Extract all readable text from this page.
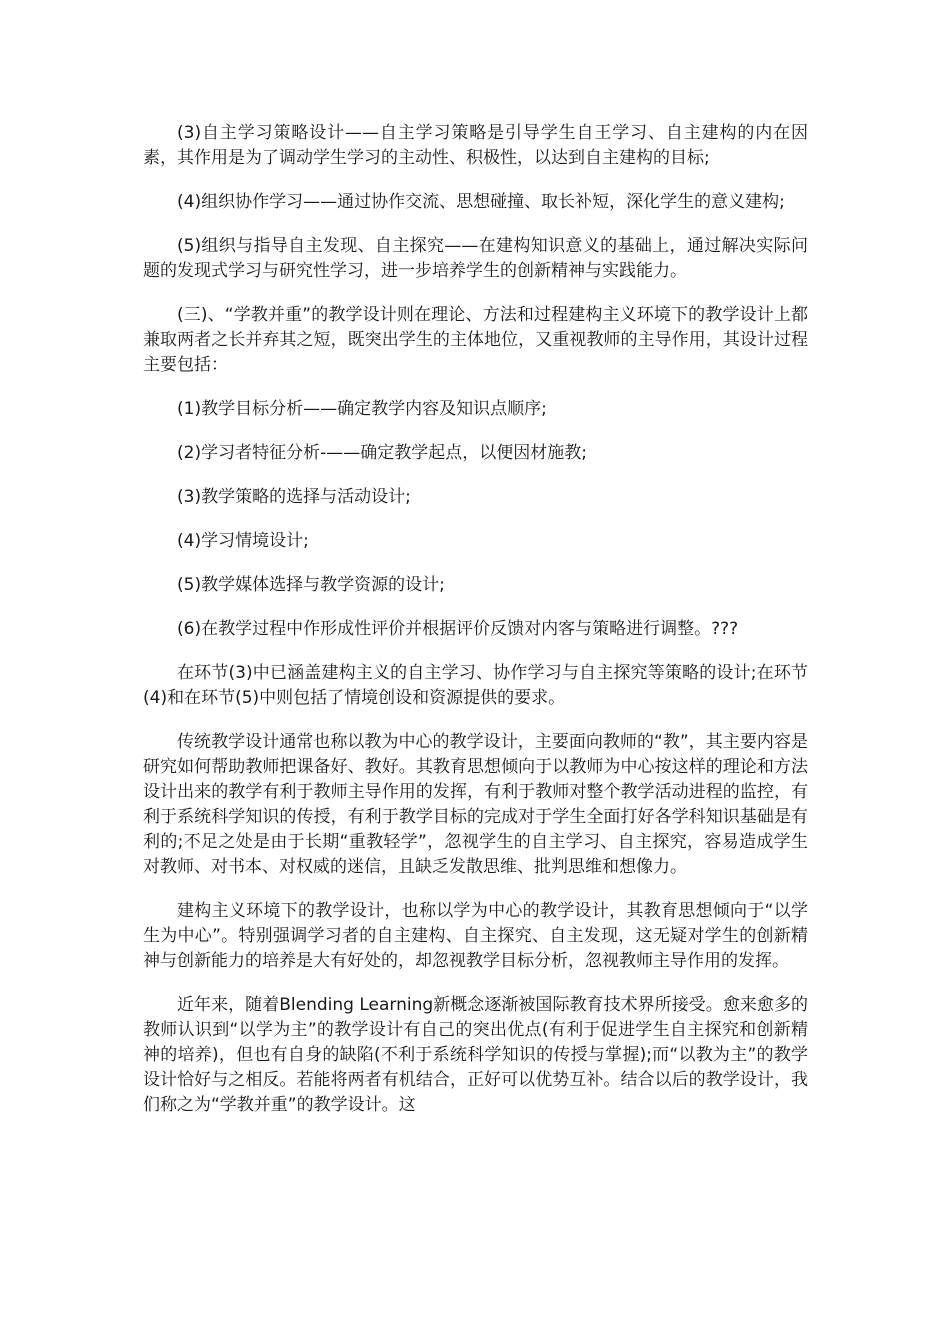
(3)自主学习策略设计——自主学习策略是引导学生自王学习、自主建构的内在因素，其作用是为了调动学生学习的主动性、积极性，以达到自主建构的目标;

(4)组织协作学习——通过协作交流、思想碰撞、取长补短，深化学生的意义建构;

(5)组织与指导自主发现、自主探究——在建构知识意义的基础上，通过解决实际问题的发现式学习与研究性学习，进一步培养学生的创新精神与实践能力。

(三)、“学教并重”的教学设计则在理论、方法和过程建构主义环境下的教学设计上都兼取两者之长并弃其之短，既突出学生的主体地位，又重视教师的主导作用，其设计过程主要包括：

(1)教学目标分析——确定教学内容及知识点顺序;

(2)学习者特征分析-——确定教学起点，以便因材施教;

(3)教学策略的选择与活动设计;

(4)学习情境设计;

(5)教学媒体选择与教学资源的设计;

(6)在教学过程中作形成性评价并根据评价反馈对内客与策略进行调整。???

在环节(3)中已涵盖建构主义的自主学习、协作学习与自主探究等策略的设计;在环节(4)和在环节(5)中则包括了情境创设和资源提供的要求。

传统教学设计通常也称以教为中心的教学设计，主要面向教师的“教”，其主要内容是研究如何帮助教师把课备好、教好。其教育思想倾向于以教师为中心按这样的理论和方法设计出来的教学有利于教师主导作用的发挥，有利于教师对整个教学活动进程的监控，有利于系统科学知识的传授，有利于教学目标的完成对于学生全面打好各学科知识基础是有利的;不足之处是由于长期“重教轻学”，忽视学生的自主学习、自主探究，容易造成学生对教师、对书本、对权威的迷信，且缺乏发散思维、批判思维和想像力。

建构主义环境下的教学设计，也称以学为中心的教学设计，其教育思想倾向于“以学生为中心”。特别强调学习者的自主建构、自主探究、自主发现，这无疑对学生的创新精神与创新能力的培养是大有好处的，却忽视教学目标分析，忽视教师主导作用的发挥。

近年来，随着Blending Learning新概念逐渐被国际教育技术界所接受。愈来愈多的教师认识到“以学为主”的教学设计有自己的突出优点(有利于促进学生自主探究和创新精神的培养)，但也有自身的缺陷(不利于系统科学知识的传授与掌握);而“以教为主”的教学设计恰好与之相反。若能将两者有机结合，正好可以优势互补。结合以后的教学设计，我们称之为“学教并重”的教学设计。这
